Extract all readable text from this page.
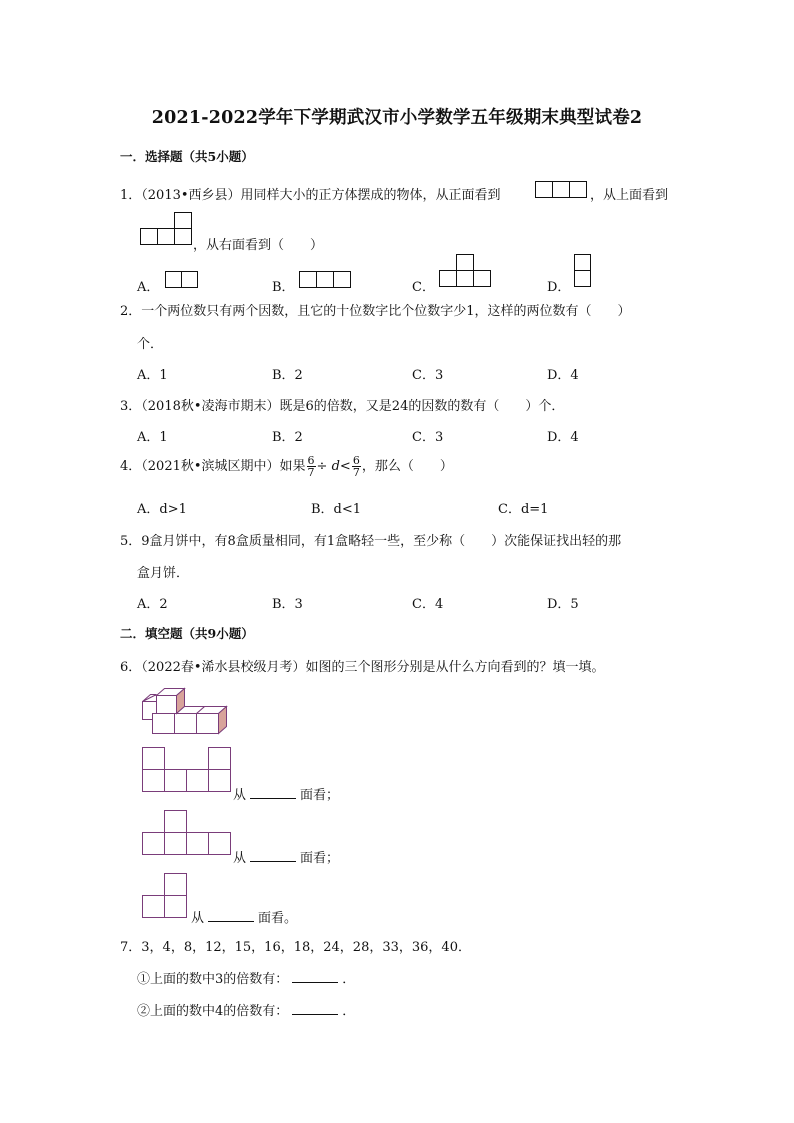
2021-2022学年下学期武汉市小学数学五年级期末典型试卷2
一．选择题（共5小题）
1．（2013•西乡县）用同样大小的正方体摆成的物体，从正面看到	，从上面看到
，从右面看到（　　）
A．	B．	C．	D．
2．一个两位数只有两个因数，且它的十位数字比个位数字少1，这样的两位数有（　　）
个．
A．1	B．2	C．3	D．4
3．（2018秋•凌海市期末）既是6的倍数，又是24的因数的数有（　　）个．
A．1	B．2	C．3	D．4
4．（2021秋•滨城区期中）如果 $\frac{6}{7} \div d< \frac{6}{7}$ ，那么（　　）
A．d>1	B．d<1	C．d=1
5．9盒月饼中，有8盒质量相同，有1盒略轻一些，至少称（　　）次能保证找出轻的那
盒月饼．
A．2	B．3	C．4	D．5
二．填空题（共9小题）
6．（2022春•浠水县校级月考）如图的三个图形分别是从什么方向看到的？填一填。
从	面看；
从	面看；
从	面看。
7．3，4，8，12，15，16，18，24，28，33，36，40．
①上面的数中3的倍数有：	．
②上面的数中4的倍数有：	．
